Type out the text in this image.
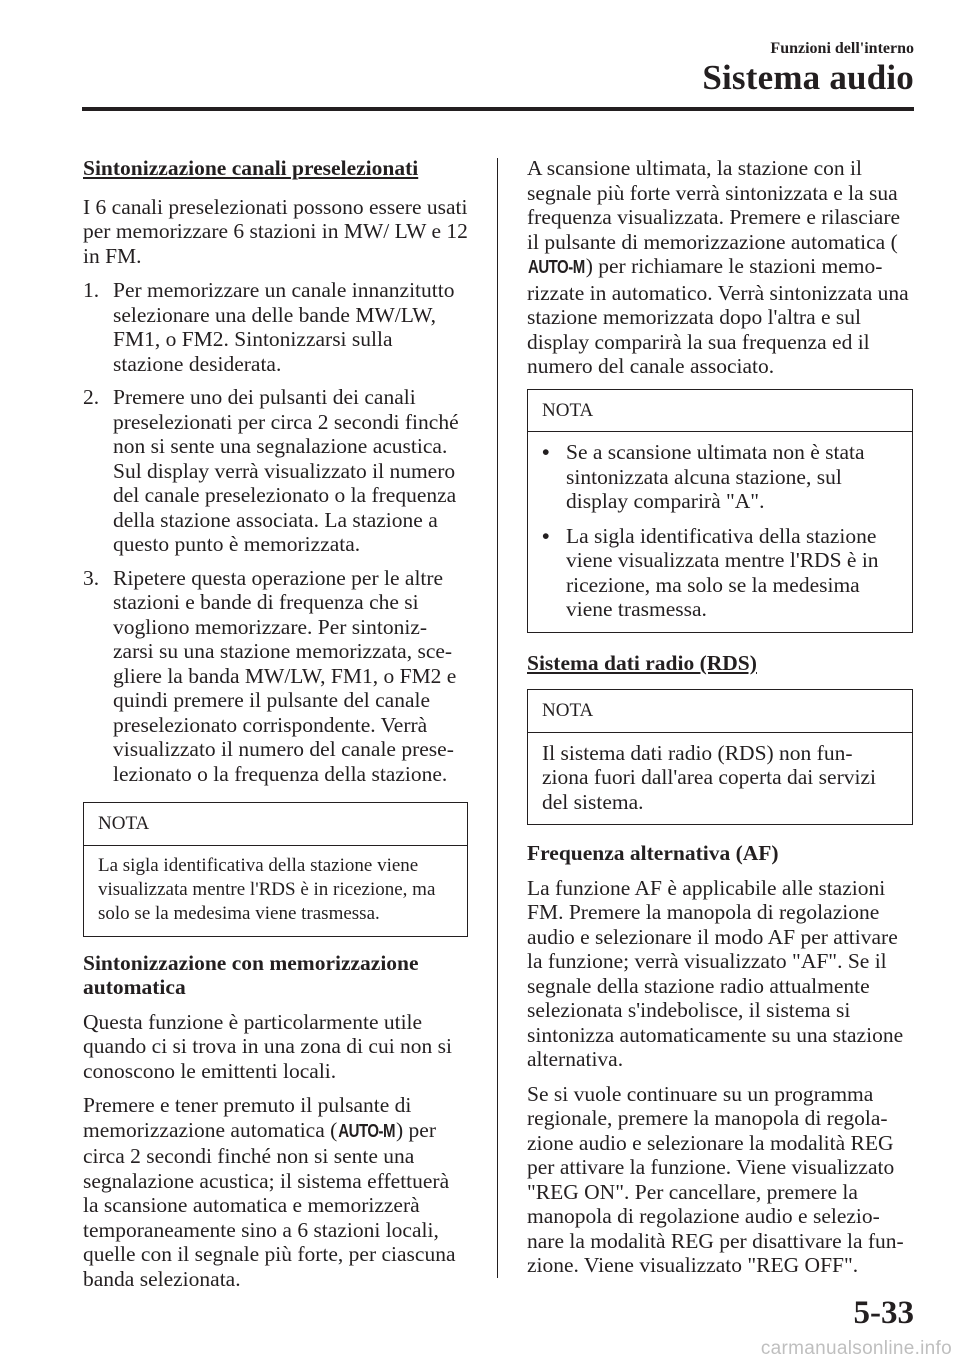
Funzioni dell'interno
Sistema audio
Sintonizzazione canali preselezionati

I 6 canali preselezionati possono essere usati per memorizzare 6 stazioni in MW/ LW e 12 in FM.

1. Per memorizzare un canale innanzitutto selezionare una delle bande MW/LW, FM1, o FM2. Sintonizzarsi sulla stazione desiderata.
2. Premere uno dei pulsanti dei canali preselezionati per circa 2 secondi finché non si sente una segnalazione acustica. Sul display verrà visualizzato il numero del canale preselezionato o la frequenza della stazione associata. La stazione a questo punto è memorizzata.
3. Ripetere questa operazione per le altre stazioni e bande di frequenza che si vogliono memorizzare. Per sintoniz- zarsi su una stazione memorizzata, sce- gliere la banda MW/LW, FM1, o FM2 e quindi premere il pulsante del canale preselezionato corrispondente. Verrà visualizzato il numero del canale prese- lezionato o la frequenza della stazione.
NOTA
La sigla identificativa della stazione viene visualizzata mentre l'RDS è in ricezione, ma solo se la medesima viene trasmessa.
Sintonizzazione con memorizzazione automatica

Questa funzione è particolarmente utile quando ci si trova in una zona di cui non si conoscono le emittenti locali.

Premere e tener premuto il pulsante di memorizzazione automatica (AUTO-M) per circa 2 secondi finché non si sente una segnalazione acustica; il sistema effettuerà la scansione automatica e memorizzerà temporaneamente sino a 6 stazioni locali, quelle con il segnale più forte, per ciascuna banda selezionata.

A scansione ultimata, la stazione con il segnale più forte verrà sintonizzata e la sua frequenza visualizzata. Premere e rilasciare il pulsante di memorizzazione automatica (AUTO-M) per richiamare le stazioni memo- rizzate in automatico. Verrà sintonizzata una stazione memorizzata dopo l'altra e sul display comparirà la sua frequenza ed il numero del canale associato.

NOTA
• Se a scansione ultimata non è stata sintonizzata alcuna stazione, sul display comparirà "A".
• La sigla identificativa della stazione viene visualizzata mentre l'RDS è in ricezione, ma solo se la medesima viene trasmessa.
Sistema dati radio (RDS)
NOTA
Il sistema dati radio (RDS) non fun- ziona fuori dall'area coperta dai servizi del sistema.
Frequenza alternativa (AF)

La funzione AF è applicabile alle stazioni FM. Premere la manopola di regolazione audio e selezionare il modo AF per attivare la funzione; verrà visualizzato "AF". Se il segnale della stazione radio attualmente selezionata s'indebolisce, il sistema si sintonizza automaticamente su una stazione alternativa.

Se si vuole continuare su un programma regionale, premere la manopola di regola- zione audio e selezionare la modalità REG per attivare la funzione. Viene visualizzato "REG ON". Per cancellare, premere la manopola di regolazione audio e selezio- nare la modalità REG per disattivare la fun- zione. Viene visualizzato "REG OFF".

5-33
carmanualsonline.info
